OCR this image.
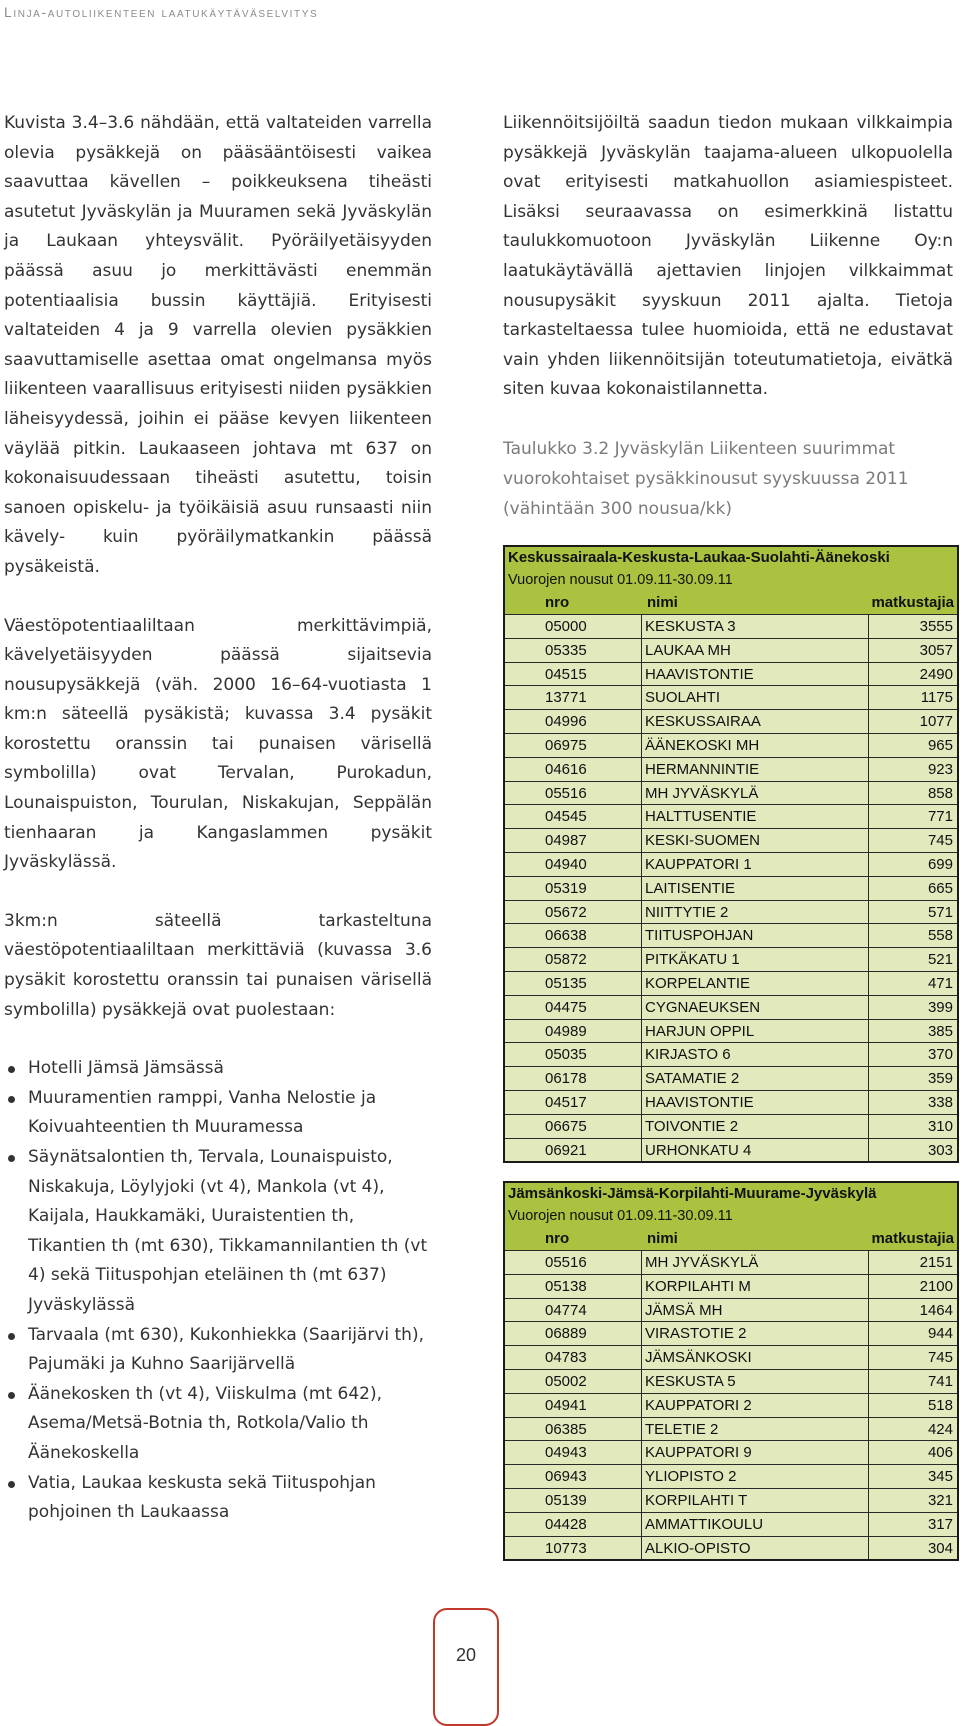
Linja-autoliikenteen laatukäytäväselvitys

Kuvista 3.4–3.6 nähdään, että valtateiden varrella olevia pysäkkejä on pääsääntöisesti vaikea saavuttaa kävellen – poikkeuksena tiheästi asutetut Jyväskylän ja Muuramen sekä Jyväskylän ja Laukaan yhteysvälit. Pyöräilyetäisyyden päässä asuu jo merkittävästi enemmän potentiaalisia bussin käyttäjiä. Erityisesti valtateiden 4 ja 9 varrella olevien pysäkkien saavuttamiselle asettaa omat ongelmansa myös liikenteen vaarallisuus erityisesti niiden pysäkkien läheisyydessä, joihin ei pääse kevyen liikenteen väylää pitkin. Laukaaseen johtava mt 637 on kokonaisuudessaan tiheästi asutettu, toisin sanoen opiskelu- ja työikäisiä asuu runsaasti niin kävely- kuin pyöräilymatkankin päässä pysäkeistä.

Väestöpotentiaaliltaan merkittävimpiä, kävelyetäisyyden päässä sijaitsevia nousupysäkkejä (väh. 2000 16–64-vuotiasta 1 km:n säteellä pysäkistä; kuvassa 3.4 pysäkit korostettu oranssin tai punaisen värisellä symbolilla) ovat Tervalan, Purokadun, Lounaispuiston, Tourulan, Niskakujan, Seppälän tienhaaran ja Kangaslammen pysäkit Jyväskylässä.

3km:n säteellä tarkasteltuna väestöpotentiaaliltaan merkittäviä (kuvassa 3.6 pysäkit korostettu oranssin tai punaisen värisellä symbolilla) pysäkkejä ovat puolestaan:

Hotelli Jämsä Jämsässä
Muuramentien ramppi, Vanha Nelostie ja Koivuahteentien th Muuramessa
Säynätsalontien th, Tervala, Lounaispuisto, Niskakuja, Löylyjoki (vt 4), Mankola (vt 4), Kaijala, Haukkamäki, Uuraistentien th, Tikantien th (mt 630), Tikkamannilantien th (vt 4) sekä Tiituspohjan eteläinen th (mt 637) Jyväskylässä
Tarvaala (mt 630), Kukonhiekka (Saarijärvi th), Pajumäki ja Kuhno Saarijärvellä
Äänekosken th (vt 4), Viiskulma (mt 642), Asema/Metsä-Botnia th, Rotkola/Valio th Äänekoskella
Vatia, Laukaa keskusta sekä Tiituspohjan pohjoinen th Laukaassa

Liikennöitsijöiltä saadun tiedon mukaan vilkkaimpia pysäkkejä Jyväskylän taajama-alueen ulkopuolella ovat erityisesti matkahuollon asiamiespisteet. Lisäksi seuraavassa on esimerkkinä listattu taulukkomuotoon Jyväskylän Liikenne Oy:n laatukäytävällä ajettavien linjojen vilkkaimmat nousupysäkit syyskuun 2011 ajalta. Tietoja tarkasteltaessa tulee huomioida, että ne edustavat vain yhden liikennöitsijän toteutumatietoja, eivätkä siten kuvaa kokonaistilannetta.

Taulukko 3.2 Jyväskylän Liikenteen suurimmat vuorokohtaiset pysäkkinousut syyskuussa 2011 (vähintään 300 nousua/kk)
Keskussairaala-Keskusta-Laukaa-Suolahti-Äänekoski
Vuorojen nousut 01.09.11-30.09.11
nro	nimi	matkustajia
05000	KESKUSTA 3	3555
05335	LAUKAA MH	3057
04515	HAAVISTONTIE	2490
13771	SUOLAHTI	1175
04996	KESKUSSAIRAA	1077
06975	ÄÄNEKOSKI MH	965
04616	HERMANNINTIE	923
05516	MH JYVÄSKYLÄ	858
04545	HALTTUSENTIE	771
04987	KESKI-SUOMEN	745
04940	KAUPPATORI 1	699
05319	LAITISENTIE	665
05672	NIITTYTIE 2	571
06638	TIITUSPOHJAN	558
05872	PITKÄKATU 1	521
05135	KORPELANTIE	471
04475	CYGNAEUKSEN	399
04989	HARJUN OPPIL	385
05035	KIRJASTO 6	370
06178	SATAMATIE 2	359
04517	HAAVISTONTIE	338
06675	TOIVONTIE 2	310
06921	URHONKATU 4	303
Jämsänkoski-Jämsä-Korpilahti-Muurame-Jyväskylä
Vuorojen nousut 01.09.11-30.09.11
nro	nimi	matkustajia
05516	MH JYVÄSKYLÄ	2151
05138	KORPILAHTI M	2100
04774	JÄMSÄ MH	1464
06889	VIRASTOTIE 2	944
04783	JÄMSÄNKOSKI	745
05002	KESKUSTA 5	741
04941	KAUPPATORI 2	518
06385	TELETIE 2	424
04943	KAUPPATORI 9	406
06943	YLIOPISTO 2	345
05139	KORPILAHTI T	321
04428	AMMATTIKOULU	317
10773	ALKIO-OPISTO	304
20
